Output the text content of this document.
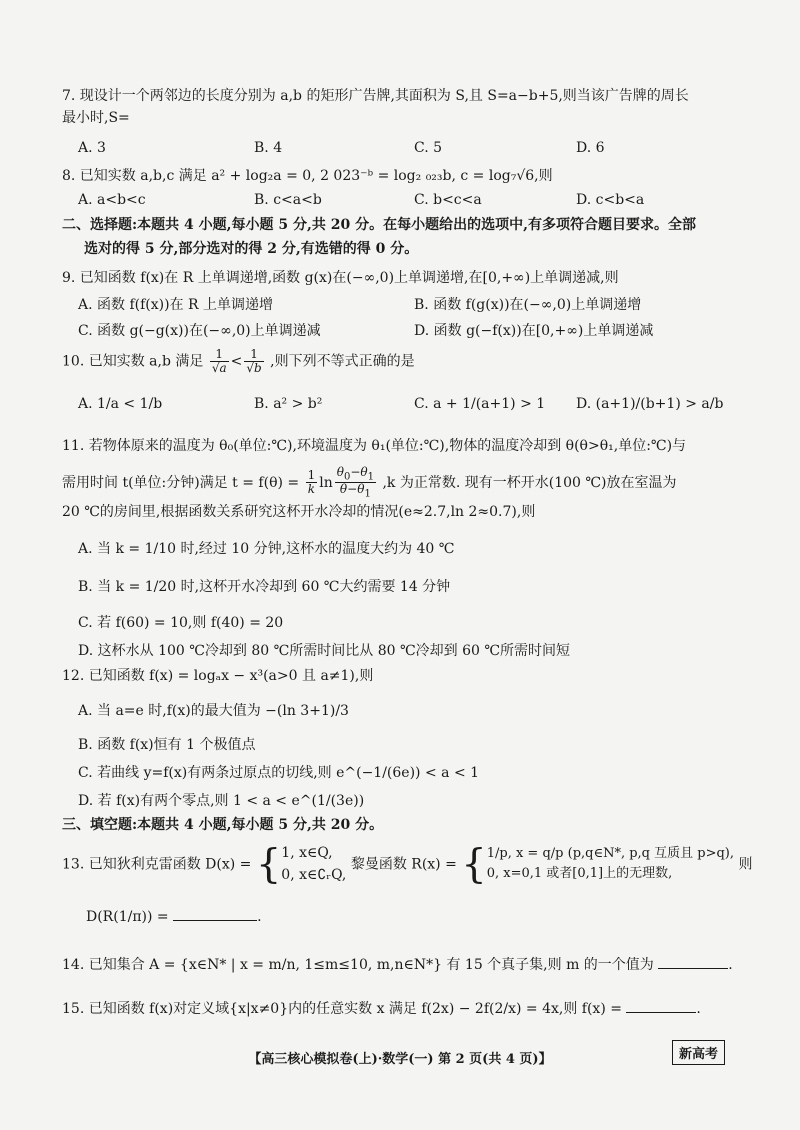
7. 现设计一个两邻边的长度分别为 a,b 的矩形广告牌,其面积为 S,且 S=a−b+5,则当该广告牌的周长
最小时,S=
A. 3	B. 4	C. 5	D. 6
8. 已知实数 a,b,c 满足 a² + log₂a = 0, 2 023⁻ᵇ = log₂ ₀₂₃b, c = log₇√6,则
A. a<b<c	B. c<a<b	C. b<c<a	D. c<b<a
二、选择题:本题共 4 小题,每小题 5 分,共 20 分。在每小题给出的选项中,有多项符合题目要求。全部
选对的得 5 分,部分选对的得 2 分,有选错的得 0 分。
9. 已知函数 f(x)在 R 上单调递增,函数 g(x)在(−∞,0)上单调递增,在[0,+∞)上单调递减,则
A. 函数 f(f(x))在 R 上单调递增	B. 函数 f(g(x))在(−∞,0)上单调递增
C. 函数 g(−g(x))在(−∞,0)上单调递减	D. 函数 g(−f(x))在[0,+∞)上单调递减
10. 已知实数 a,b 满足 $\frac{1}{√a} < \frac{1}{√b}$ ,则下列不等式正确的是
A. 1/a < 1/b	B. a² > b²	C. a + 1/(a+1) > 1 D. (a+1)/(b+1) > a/b
11. 若物体原来的温度为 θ₀(单位:℃),环境温度为 θ₁(单位:℃),物体的温度冷却到 θ(θ>θ₁,单位:℃)与
需用时间 t(单位:分钟)满足 $t = f(\theta) = \frac{1}{k}$ $\ln \frac{\theta_0-\theta_1}{\theta-\theta_1} ,k$ 为正常数. 现有一杯开水(100 ℃)放在室温为
20 ℃的房间里,根据函数关系研究这杯开水冷却的情况(e≈2.7,ln 2≈0.7),则
A. 当 k = 1/10 时,经过 10 分钟,这杯水的温度大约为 40 ℃
B. 当 k = 1/20 时,这杯开水冷却到 60 ℃大约需要 14 分钟
C. 若 f(60) = 10,则 f(40) = 20
D. 这杯水从 100 ℃冷却到 80 ℃所需时间比从 80 ℃冷却到 60 ℃所需时间短
12. 已知函数 f(x) = logₐx − x³(a>0 且 a≠1),则
A. 当 a=e 时,f(x)的最大值为 −(ln 3+1)/3
B. 函数 f(x)恒有 1 个极值点
C. 若曲线 y=f(x)有两条过原点的切线,则 e^(−1/(6e)) < a < 1
D. 若 f(x)有两个零点,则 1 < a < e^(1/(3e))
三、填空题:本题共 4 小题,每小题 5 分,共 20 分。
13. 已知狄利克雷函数 D(x) = { 1, x∈Q,
0, x∈∁ᵣQ,
黎曼函数 R(x) = { 1/p, x = q/p (p,q∈N*, p,q 互质且 p>q),
0, x=0,1 或者[0,1]上的无理数,
则
D(R(1/π)) =	.
14. 已知集合 A = {x∈N* | x = m/n, 1≤m≤10, m,n∈N*} 有 15 个真子集,则 m 的一个值为	.
15. 已知函数 f(x)对定义域{x|x≠0}内的任意实数 x 满足 f(2x) − 2f(2/x) = 4x,则 f(x) =	.
【高三核心模拟卷(上)·数学(一) 第 2 页(共 4 页)】	新高考
